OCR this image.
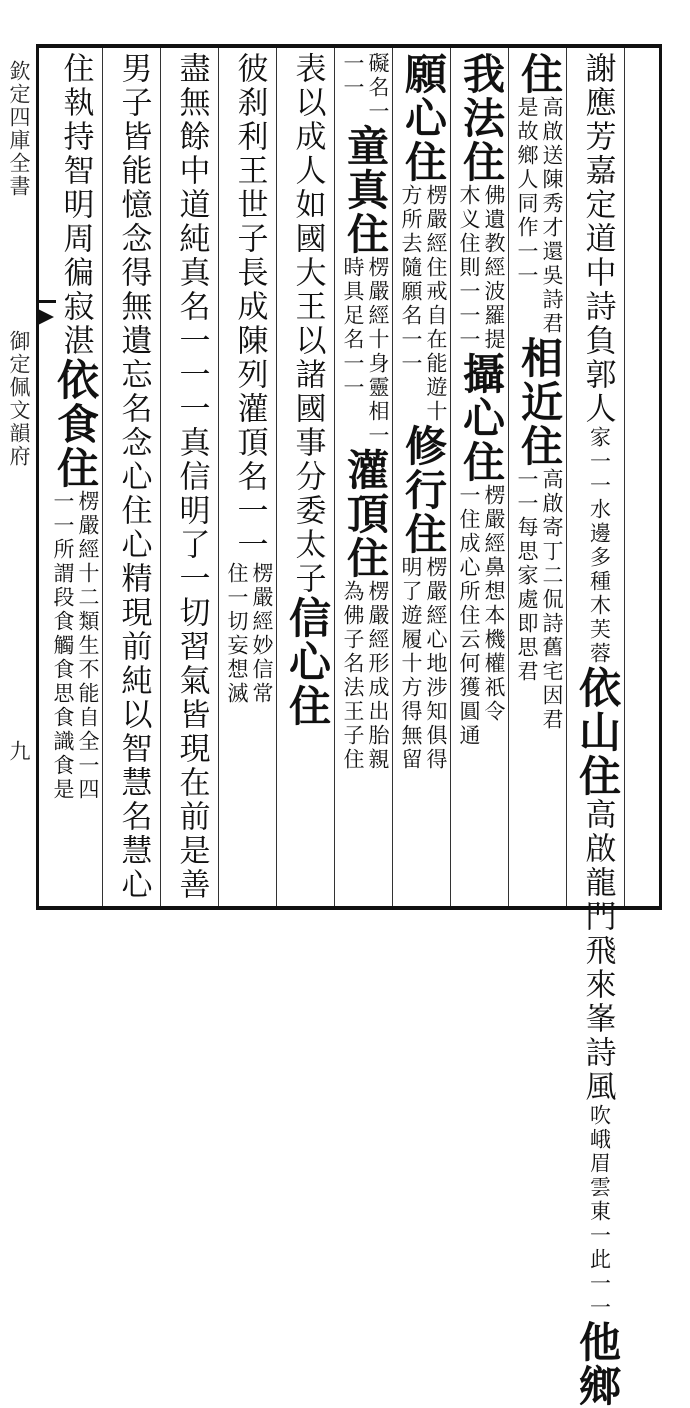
欽定四庫全書
御定佩文韻府
九
謝應芳嘉定道中詩負郭人
家一一水邊多種木芙蓉
依山住
高啟龍門飛來峯詩風
吹峨眉雲東一此一一
他鄉
住
是故鄉人同作一一 高啟送陳秀才還吳詩君
相近住
一一每思家處即思君 高啟寄丁二侃詩舊宅因君
我法住
木义住則一一一 佛遺教經波羅提
攝心住
一住成心所住云何獲圓通 楞嚴經鼻想本機權祇令
願心住
方所去隨願名一一 楞嚴經住戒自在能遊十
修行住
明了遊履十方得無留 楞嚴經心地涉知俱得
一一 礙名一
童真住
時具足名一一 楞嚴經十身靈相一
灌頂住
為佛子名法王子住 楞嚴經形成出胎親
表以成人如國大王以諸國事分委太子
信心住
彼刹利王世子長成陳列灌頂名一一
住一切妄想滅 楞嚴經妙信常
盡無餘中道純真名一一一真信明了一切習氣皆現在前是善
男子皆能憶念得無遺忘名念心住心精現前純以智慧名慧心
住執持智明周徧寂湛
依食住
一一所謂段食觸食思食識食是 楞嚴經十二類生不能自全一四
